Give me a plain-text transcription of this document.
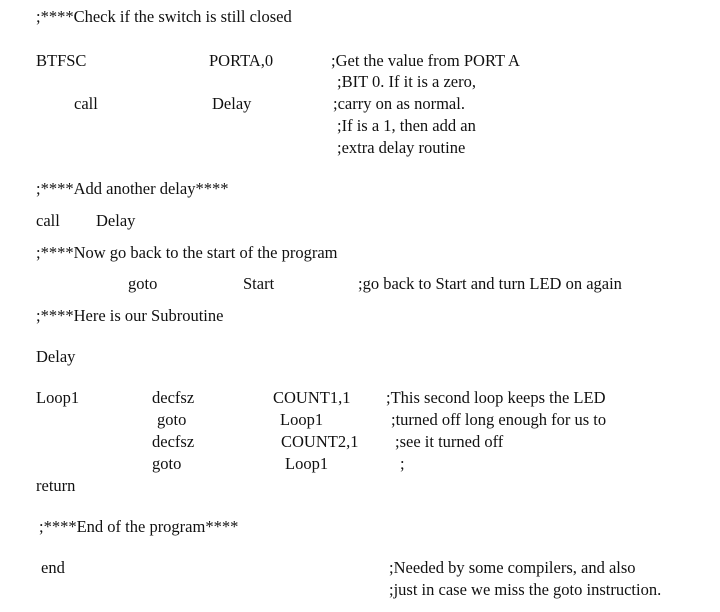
;****Check if the switch is still closed
BTFSC	PORTA,0	;Get the value from PORT A
;BIT 0. If it is a zero,
call	Delay	;carry on as normal.
;If is a 1, then add an
;extra delay routine
;****Add another delay****
call Delay
;****Now go back to the start of the program
goto	Start	;go back to Start and turn LED on again
;****Here is our Subroutine
Delay
Loop1	decfsz	COUNT1,1 ;This second loop keeps the LED
goto	Loop1	;turned off long enough for us to
decfsz	COUNT2,1 ;see it turned off
goto	Loop1	;
return
;****End of the program****
end	;Needed by some compilers, and also
;just in case we miss the goto instruction.
